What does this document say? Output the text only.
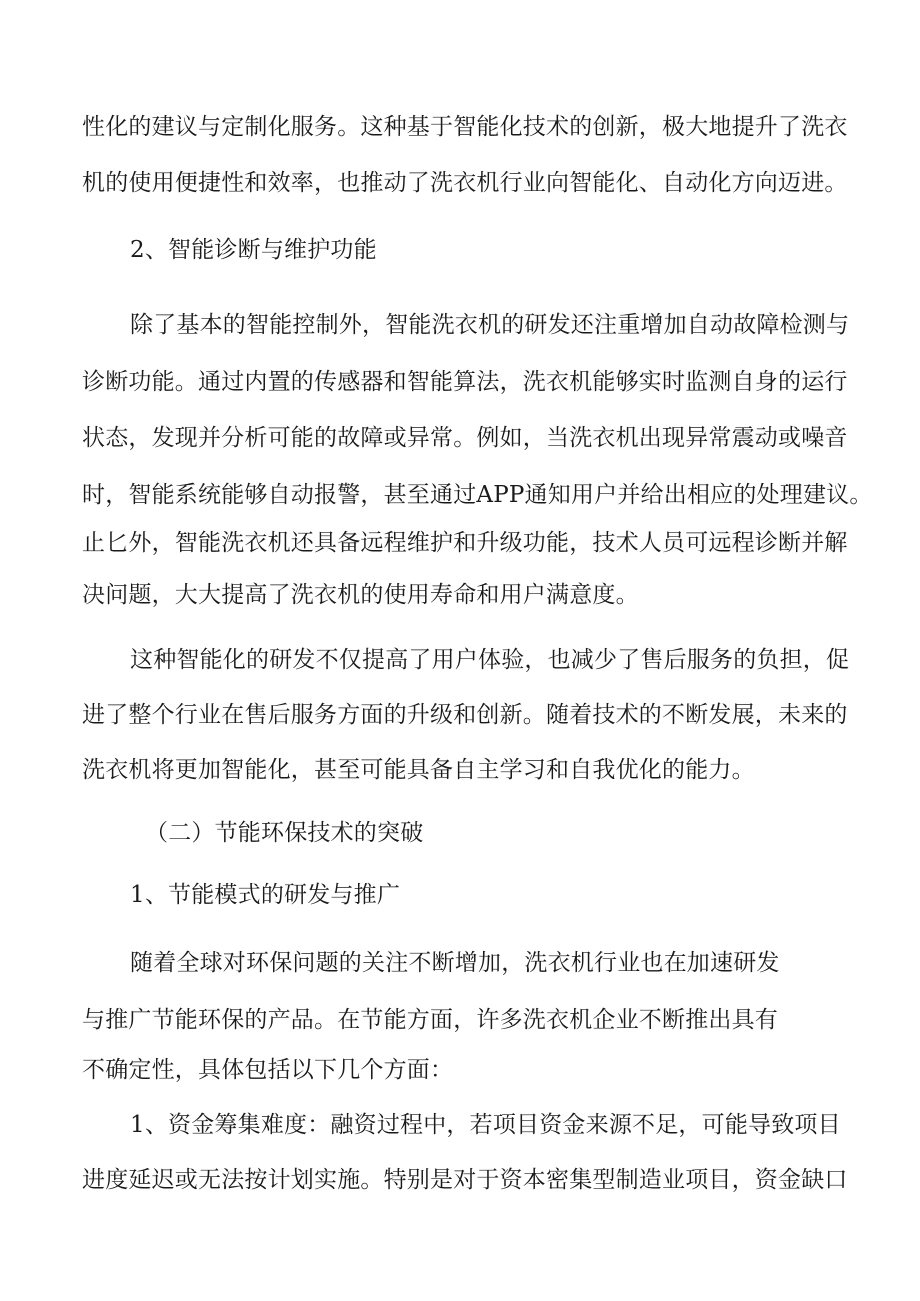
性化的建议与定制化服务。这种基于智能化技术的创新，极大地提升了洗衣
机的使用便捷性和效率，也推动了洗衣机行业向智能化、自动化方向迈进。
2、智能诊断与维护功能
除了基本的智能控制外，智能洗衣机的研发还注重增加自动故障检测与
诊断功能。通过内置的传感器和智能算法，洗衣机能够实时监测自身的运行
状态，发现并分析可能的故障或异常。例如，当洗衣机出现异常震动或噪音
时，智能系统能够自动报警，甚至通过APP通知用户并给出相应的处理建议。
止匕外，智能洗衣机还具备远程维护和升级功能，技术人员可远程诊断并解
决问题，大大提高了洗衣机的使用寿命和用户满意度。
这种智能化的研发不仅提高了用户体验，也减少了售后服务的负担，促
进了整个行业在售后服务方面的升级和创新。随着技术的不断发展，未来的
洗衣机将更加智能化，甚至可能具备自主学习和自我优化的能力。
（二）节能环保技术的突破
1、节能模式的研发与推广
随着全球对环保问题的关注不断增加，洗衣机行业也在加速研发
与推广节能环保的产品。在节能方面，许多洗衣机企业不断推出具有
不确定性，具体包括以下几个方面：
1、资金筹集难度：融资过程中，若项目资金来源不足，可能导致项目
进度延迟或无法按计划实施。特别是对于资本密集型制造业项目，资金缺口
